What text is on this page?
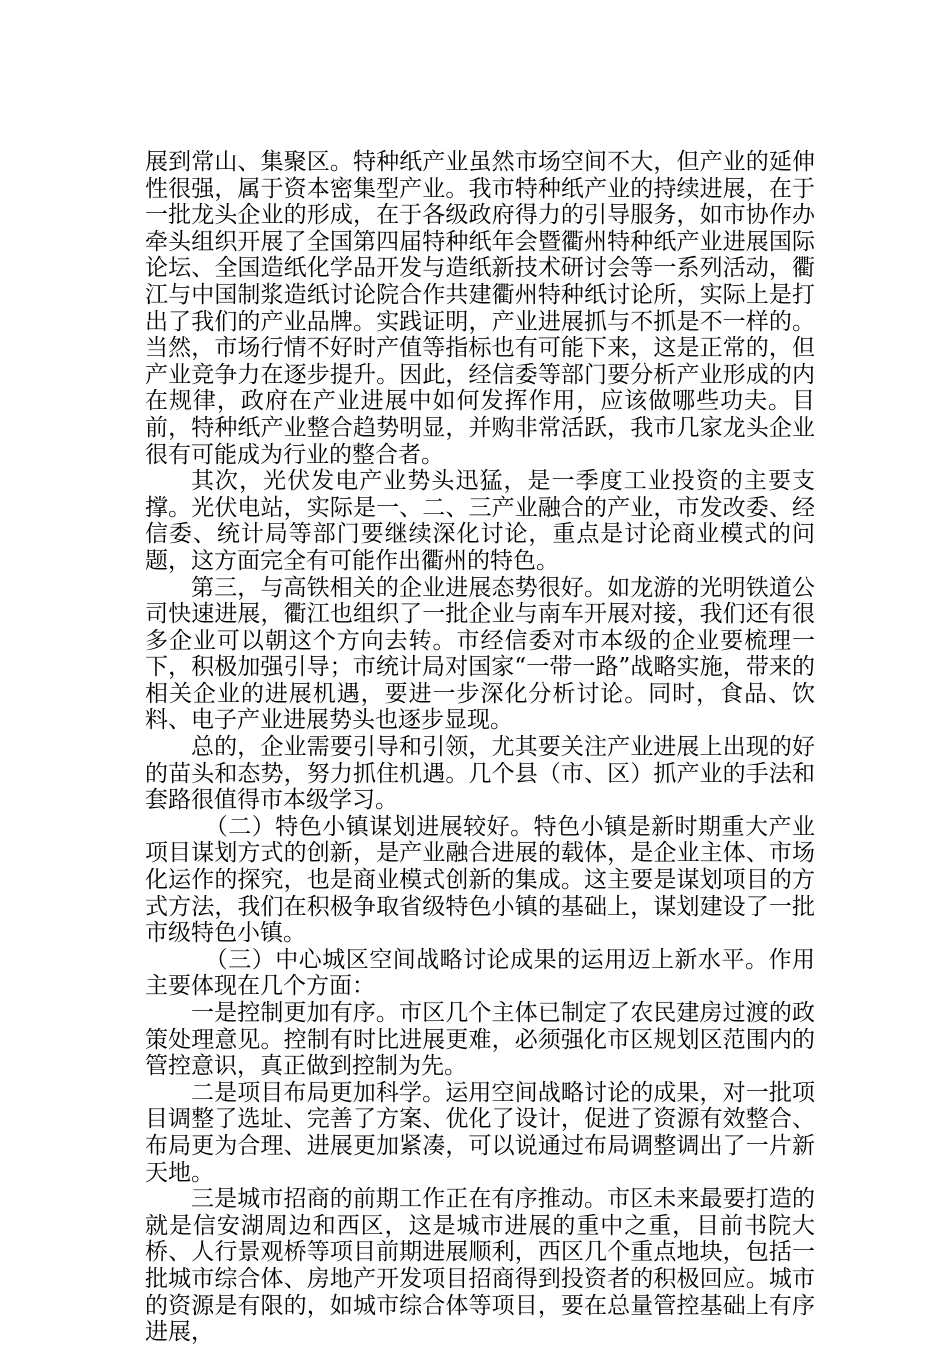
展到常山、集聚区。特种纸产业虽然市场空间不大，但产业的延伸性很强，属于资本密集型产业。我市特种纸产业的持续进展，在于一批龙头企业的形成，在于各级政府得力的引导服务，如市协作办牵头组织开展了全国第四届特种纸年会暨衢州特种纸产业进展国际论坛、全国造纸化学品开发与造纸新技术研讨会等一系列活动，衢江与中国制浆造纸讨论院合作共建衢州特种纸讨论所，实际上是打出了我们的产业品牌。实践证明，产业进展抓与不抓是不一样的。当然，市场行情不好时产值等指标也有可能下来，这是正常的，但产业竞争力在逐步提升。因此，经信委等部门要分析产业形成的内在规律，政府在产业进展中如何发挥作用，应该做哪些功夫。目前，特种纸产业整合趋势明显，并购非常活跃，我市几家龙头企业很有可能成为行业的整合者。

其次，光伏发电产业势头迅猛，是一季度工业投资的主要支撑。光伏电站，实际是一、二、三产业融合的产业，市发改委、经信委、统计局等部门要继续深化讨论，重点是讨论商业模式的问题，这方面完全有可能作出衢州的特色。

第三，与高铁相关的企业进展态势很好。如龙游的光明铁道公司快速进展，衢江也组织了一批企业与南车开展对接，我们还有很多企业可以朝这个方向去转。市经信委对市本级的企业要梳理一下，积极加强引导；市统计局对国家“一带一路”战略实施，带来的相关企业的进展机遇，要进一步深化分析讨论。同时，食品、饮料、电子产业进展势头也逐步显现。

总的，企业需要引导和引领，尤其要关注产业进展上出现的好的苗头和态势，努力抓住机遇。几个县（市、区）抓产业的手法和套路很值得市本级学习。

（二）特色小镇谋划进展较好。特色小镇是新时期重大产业项目谋划方式的创新，是产业融合进展的载体，是企业主体、市场化运作的探究，也是商业模式创新的集成。这主要是谋划项目的方式方法，我们在积极争取省级特色小镇的基础上，谋划建设了一批市级特色小镇。

（三）中心城区空间战略讨论成果的运用迈上新水平。作用主要体现在几个方面：

一是控制更加有序。市区几个主体已制定了农民建房过渡的政策处理意见。控制有时比进展更难，必须强化市区规划区范围内的管控意识，真正做到控制为先。

二是项目布局更加科学。运用空间战略讨论的成果，对一批项目调整了选址、完善了方案、优化了设计，促进了资源有效整合、布局更为合理、进展更加紧凑，可以说通过布局调整调出了一片新天地。

三是城市招商的前期工作正在有序推动。市区未来最要打造的就是信安湖周边和西区，这是城市进展的重中之重，目前书院大桥、人行景观桥等项目前期进展顺利，西区几个重点地块，包括一批城市综合体、房地产开发项目招商得到投资者的积极回应。城市的资源是有限的，如城市综合体等项目，要在总量管控基础上有序进展，
